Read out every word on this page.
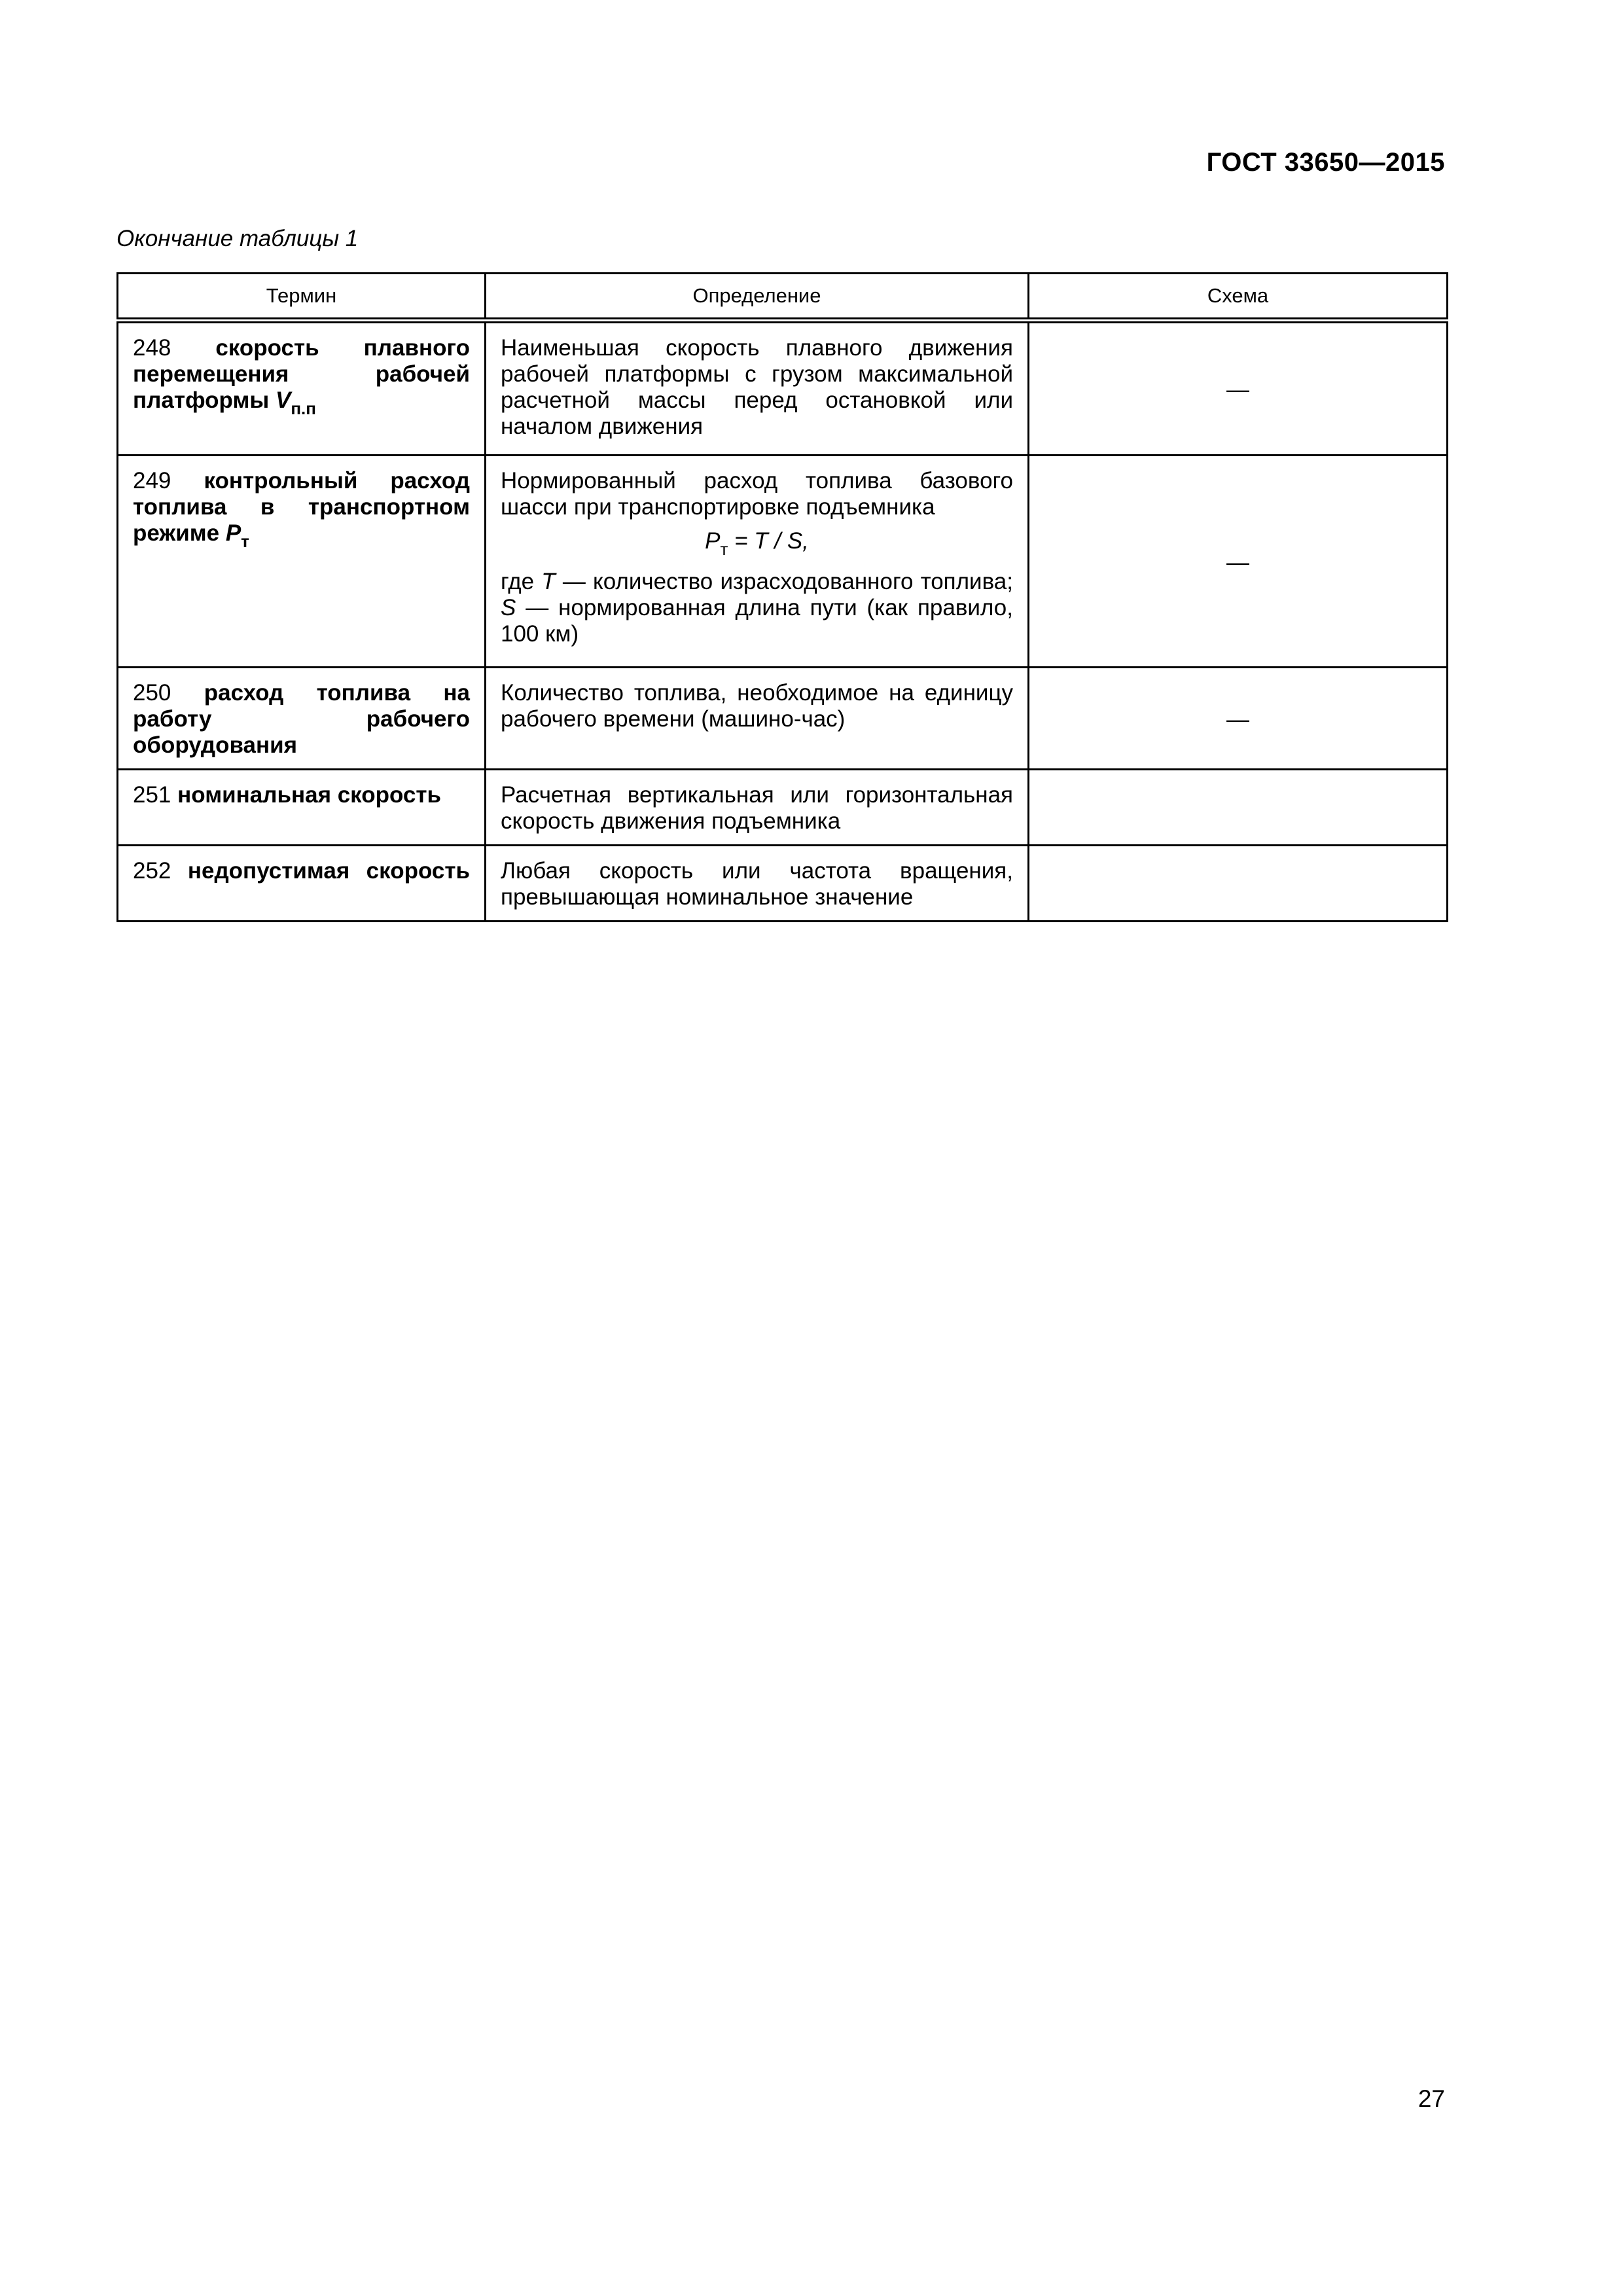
ГОСТ 33650—2015
Окончание таблицы 1
Термин	Определение	Схема
248 скорость плавного перемещения рабочей платформы $V_{п.п}$	Наименьшая скорость плавного движения рабочей платформы с грузом максимальной расчетной массы перед остановкой или началом движения	—
249 контрольный расход топлива в транспортном режиме $P_т$	Нормированный расход топлива базового шасси при транспортировке подъемника
$P_т = T / S$,
где T — количество израсходованного топлива; S — нормированная длина пути (как правило, 100 км)	—
250 расход топлива на работу рабочего оборудования	Количество топлива, необходимое на единицу рабочего времени (машино-час)	—
251 номинальная скорость	Расчетная вертикальная или горизонтальная скорость движения подъемника	
252 недопустимая скорость	Любая скорость или частота вращения, превышающая номинальное значение	
27
